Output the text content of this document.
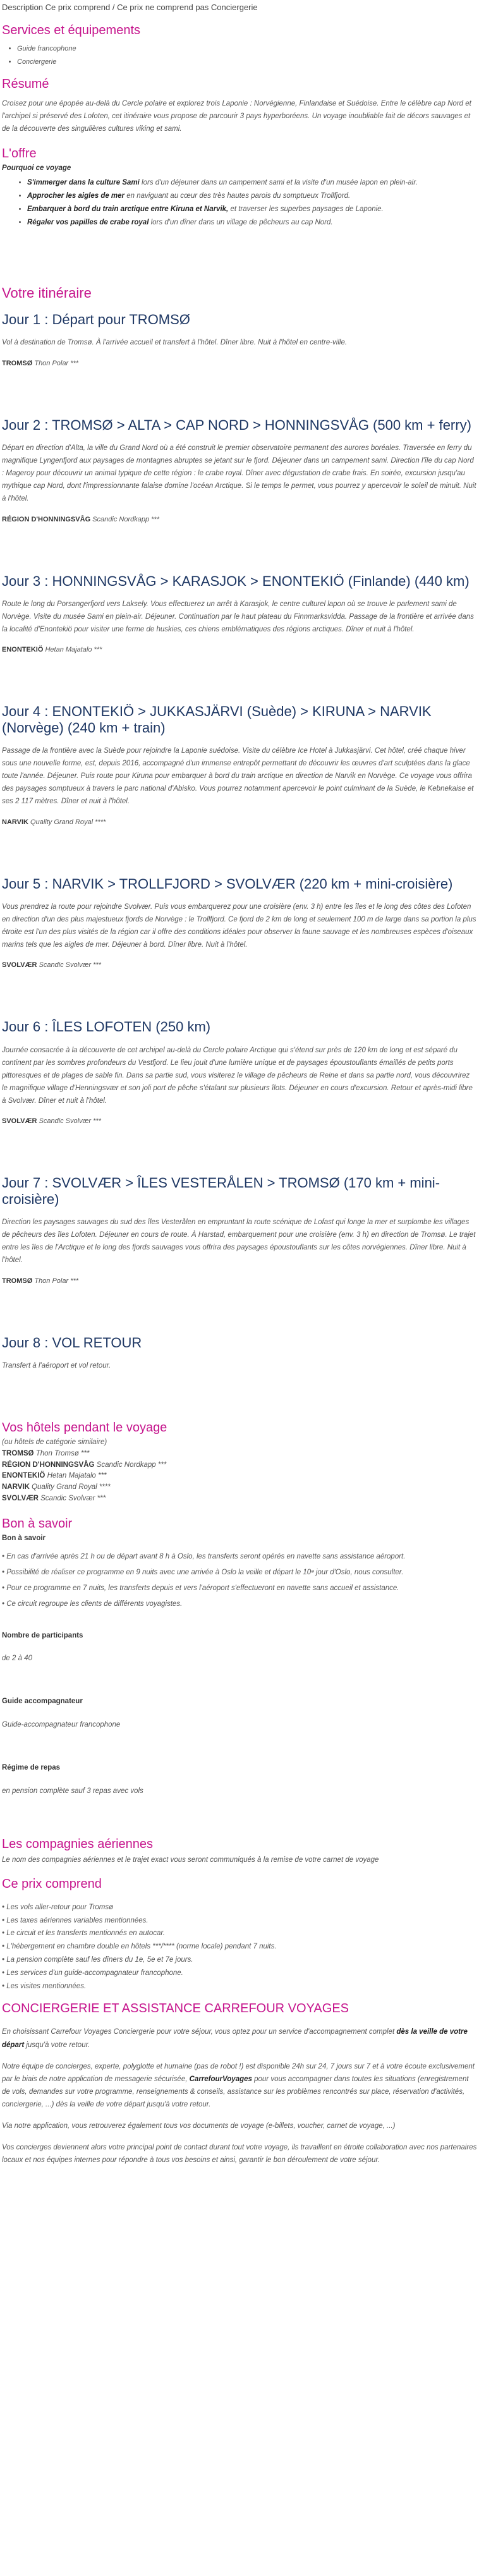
Description Ce prix comprend / Ce prix ne comprend pas Conciergerie
Services et équipements
• Guide francophone
• Conciergerie
Résumé

Croisez pour une épopée au-delà du Cercle polaire et explorez trois Laponie : Norvégienne, Finlandaise et Suédoise. Entre le célèbre cap Nord et l'archipel si préservé des Lofoten, cet itinéraire vous propose de parcourir 3 pays hyperboréens. Un voyage inoubliable fait de décors sauvages et de la découverte des singulières cultures viking et sami.

L'offre
Pourquoi ce voyage
• S'immerger dans la culture Sami lors d'un déjeuner dans un campement sami et la visite d'un musée lapon en plein-air.
• Approcher les aigles de mer en naviguant au cœur des très hautes parois du somptueux Trollfjord.
• Embarquer à bord du train arctique entre Kiruna et Narvik, et traverser les superbes paysages de Laponie.
• Régaler vos papilles de crabe royal lors d'un dîner dans un village de pêcheurs au cap Nord.
Votre itinéraire
Jour 1 : Départ pour TROMSØ
Vol à destination de Tromsø. À l'arrivée accueil et transfert à l'hôtel. Dîner libre. Nuit à l'hôtel en centre-ville.
TROMSØ Thon Polar ***
Jour 2 : TROMSØ > ALTA > CAP NORD > HONNINGSVÅG (500 km + ferry)
Départ en direction d'Alta, la ville du Grand Nord où a été construit le premier observatoire permanent des aurores boréales. Traversée en ferry du magnifique Lyngenfjord aux paysages de montagnes abruptes se jetant sur le fjord. Déjeuner dans un campement sami. Direction l'île du cap Nord : Mageroy pour découvrir un animal typique de cette région : le crabe royal. Dîner avec dégustation de crabe frais. En soirée, excursion jusqu'au mythique cap Nord, dont l'impressionnante falaise domine l'océan Arctique. Si le temps le permet, vous pourrez y apercevoir le soleil de minuit. Nuit à l'hôtel.
RÉGION D'HONNINGSVÅG Scandic Nordkapp ***
Jour 3 : HONNINGSVÅG > KARASJOK > ENONTEKIÖ (Finlande) (440 km)
Route le long du Porsangerfjord vers Laksely. Vous effectuerez un arrêt à Karasjok, le centre culturel lapon où se trouve le parlement sami de Norvège. Visite du musée Sami en plein-air. Déjeuner. Continuation par le haut plateau du Finnmarksvidda. Passage de la frontière et arrivée dans la localité d'Enontekiö pour visiter une ferme de huskies, ces chiens emblématiques des régions arctiques. Dîner et nuit à l'hôtel.
ENONTEKIÖ Hetan Majatalo ***
Jour 4 : ENONTEKIÖ > JUKKASJÄRVI (Suède) > KIRUNA > NARVIK (Norvège) (240 km + train)
Passage de la frontière avec la Suède pour rejoindre la Laponie suédoise. Visite du célèbre Ice Hotel à Jukkasjärvi. Cet hôtel, créé chaque hiver sous une nouvelle forme, est, depuis 2016, accompagné d'un immense entrepôt permettant de découvrir les œuvres d'art sculptées dans la glace toute l'année. Déjeuner. Puis route pour Kiruna pour embarquer à bord du train arctique en direction de Narvik en Norvège. Ce voyage vous offrira des paysages somptueux à travers le parc national d'Abisko. Vous pourrez notamment apercevoir le point culminant de la Suède, le Kebnekaise et ses 2 117 mètres. Dîner et nuit à l'hôtel.
NARVIK Quality Grand Royal ****
Jour 5 : NARVIK > TROLLFJORD > SVOLVÆR (220 km + mini-croisière)
Vous prendrez la route pour rejoindre Svolvær. Puis vous embarquerez pour une croisière (env. 3 h) entre les îles et le long des côtes des Lofoten en direction d'un des plus majestueux fjords de Norvège : le Trollfjord. Ce fjord de 2 km de long et seulement 100 m de large dans sa portion la plus étroite est l'un des plus visités de la région car il offre des conditions idéales pour observer la faune sauvage et les nombreuses espèces d'oiseaux marins tels que les aigles de mer. Déjeuner à bord. Dîner libre. Nuit à l'hôtel.
SVOLVÆR Scandic Svolvær ***
Jour 6 : ÎLES LOFOTEN (250 km)
Journée consacrée à la découverte de cet archipel au-delà du Cercle polaire Arctique qui s'étend sur près de 120 km de long et est séparé du continent par les sombres profondeurs du Vestfjord. Le lieu jouit d'une lumière unique et de paysages époustouflants émaillés de petits ports pittoresques et de plages de sable fin. Dans sa partie sud, vous visiterez le village de pêcheurs de Reine et dans sa partie nord, vous découvrirez le magnifique village d'Henningsvær et son joli port de pêche s'étalant sur plusieurs îlots. Déjeuner en cours d'excursion. Retour et après-midi libre à Svolvær. Dîner et nuit à l'hôtel.
SVOLVÆR Scandic Svolvær ***
Jour 7 : SVOLVÆR > ÎLES VESTERÅLEN > TROMSØ (170 km + mini-croisière)
Direction les paysages sauvages du sud des îles Vesterålen en empruntant la route scénique de Lofast qui longe la mer et surplombe les villages de pêcheurs des îles Lofoten. Déjeuner en cours de route. À Harstad, embarquement pour une croisière (env. 3 h) en direction de Tromsø. Le trajet entre les îles de l'Arctique et le long des fjords sauvages vous offrira des paysages époustouflants sur les côtes norvégiennes. Dîner libre. Nuit à l'hôtel.
TROMSØ Thon Polar ***
Jour 8 : VOL RETOUR
Transfert à l'aéroport et vol retour.
Vos hôtels pendant le voyage

(ou hôtels de catégorie similaire)

TROMSØ Thon Tromsø ***

RÉGION D'HONNINGSVÅG Scandic Nordkapp ***

ENONTEKIÖ Hetan Majatalo ***

NARVIK Quality Grand Royal ****

SVOLVÆR Scandic Svolvær ***

Bon à savoir
Bon à savoir

• En cas d'arrivée après 21 h ou de départ avant 8 h à Oslo, les transferts seront opérés en navette sans assistance aéroport.

• Possibilité de réaliser ce programme en 9 nuits avec une arrivée à Oslo la veille et départ le 10ᵉ jour d'Oslo, nous consulter.

• Pour ce programme en 7 nuits, les transferts depuis et vers l'aéroport s'effectueront en navette sans accueil et assistance.

• Ce circuit regroupe les clients de différents voyagistes.

Nombre de participants

de 2 à 40

Guide accompagnateur

Guide-accompagnateur francophone

Régime de repas

en pension complète sauf 3 repas avec vols

Les compagnies aériennes

Le nom des compagnies aériennes et le trajet exact vous seront communiqués à la remise de votre carnet de voyage

Ce prix comprend
• Les vols aller-retour pour Tromsø
• Les taxes aériennes variables mentionnées.
• Le circuit et les transferts mentionnés en autocar.
• L'hébergement en chambre double en hôtels ***/**** (norme locale) pendant 7 nuits.
• La pension complète sauf les dîners du 1e, 5e et 7e jours.
• Les services d'un guide-accompagnateur francophone.
• Les visites mentionnées.
CONCIERGERIE ET ASSISTANCE CARREFOUR VOYAGES

En choisissant Carrefour Voyages Conciergerie pour votre séjour, vous optez pour un service d'accompagnement complet dès la veille de votre départ jusqu'à votre retour.

Notre équipe de concierges, experte, polyglotte et humaine (pas de robot !) est disponible 24h sur 24, 7 jours sur 7 et à votre écoute exclusivement par le biais de notre application de messagerie sécurisée, CarrefourVoyages pour vous accompagner dans toutes les situations (enregistrement de vols, demandes sur votre programme, renseignements & conseils, assistance sur les problèmes rencontrés sur place, réservation d'activités, conciergerie, ...) dès la veille de votre départ jusqu'à votre retour.

Via notre application, vous retrouverez également tous vos documents de voyage (e-billets, voucher, carnet de voyage, ...)

Vos concierges deviennent alors votre principal point de contact durant tout votre voyage, ils travaillent en étroite collaboration avec nos partenaires locaux et nos équipes internes pour répondre à tous vos besoins et ainsi, garantir le bon déroulement de votre séjour.
